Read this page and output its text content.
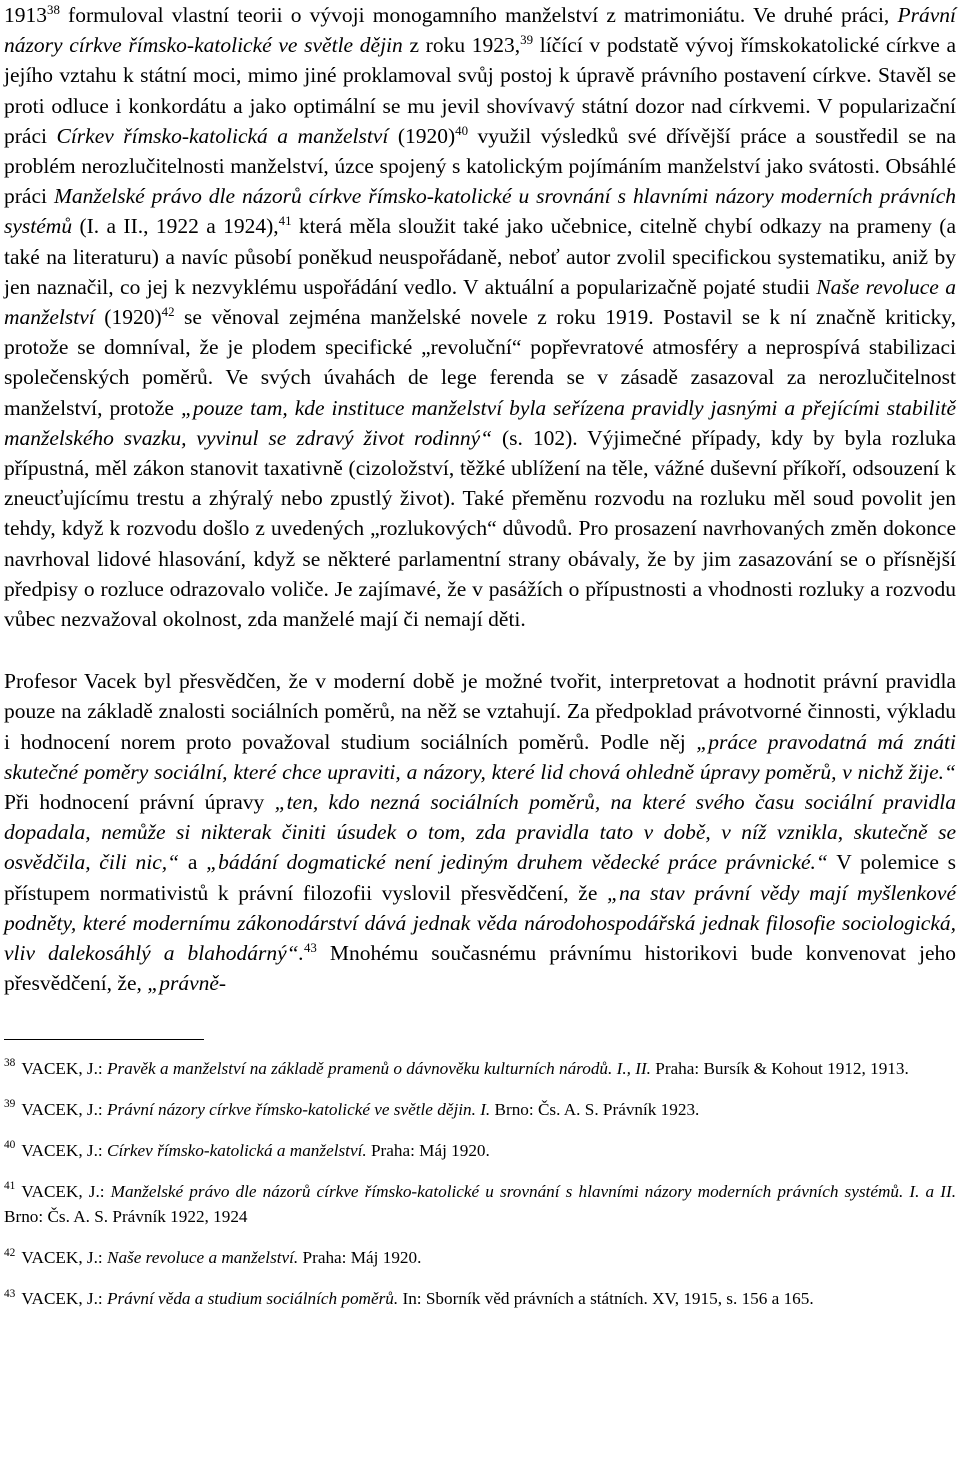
1913$^{38}$ formuloval vlastní teorii o vývoji monogamního manželství z matrimoniátu. Ve druhé práci, Právní názory církve římsko-katolické ve světle dějin z roku 1923,39 líčící v podstatě vývoj římskokatolické církve a jejího vztahu k státní moci, mimo jiné proklamoval svůj postoj k úpravě právního postavení církve. Stavěl se proti odluce i konkordátu a jako optimální se mu jevil shovívavý státní dozor nad církvemi. V popularizační práci Církev římsko-katolická a manželství $(1920)^{40}$ využil výsledků své dřívější práce a soustředil se na problém nerozlučitelnosti manželství, úzce spojený s katolickým pojímáním manželství jako svátosti. Obsáhlé práci Manželské právo dle názorů církve římsko-katolické u srovnání s hlavními názory moderních právních systémů (I. a II., 1922 a 1924),$^{41}$ která měla sloužit také jako učebnice, citelně chybí odkazy na prameny (a také na literaturu) a navíc působí poněkud neuspořádaně, neboť autor zvolil specifickou systematiku, aniž by jen naznačil, co jej k nezvyklému uspořádání vedlo. V aktuální a popularizačně pojaté studii Naše revoluce a manželství $(1920)^{42}$ se věnoval zejména manželské novele z roku 1919. Postavil se k ní značně kriticky, protože se domníval, že je plodem specifické „revoluční“ popřevratové atmosféry a neprospívá stabilizaci společenských poměrů. Ve svých úvahách de lege ferenda se v zásadě zasazoval za nerozlučitelnost manželství, protože „pouze tam, kde instituce manželství byla seřízena pravidly jasnými a přejícími stabilitě manželského svazku, vyvinul se zdravý život rodinný“ (s. 102). Výjimečné případy, kdy by byla rozluka přípustná, měl zákon stanovit taxativně (cizoložství, těžké ublížení na těle, vážné duševní příkoří, odsouzení k zneucťujícímu trestu a zhýralý nebo zpustlý život). Také přeměnu rozvodu na rozluku měl soud povolit jen tehdy, když k rozvodu došlo z uvedených „rozlukových“ důvodů. Pro prosazení navrhovaných změn dokonce navrhoval lidové hlasování, když se některé parlamentní strany obávaly, že by jim zasazování se o přísnější předpisy o rozluce odrazovalo voliče. Je zajímavé, že v pasážích o přípustnosti a vhodnosti rozluky a rozvodu vůbec nezvažoval okolnost, zda manželé mají či nemají děti.

Profesor Vacek byl přesvědčen, že v moderní době je možné tvořit, interpretovat a hodnotit právní pravidla pouze na základě znalosti sociálních poměrů, na něž se vztahují. Za předpoklad právotvorné činnosti, výkladu i hodnocení norem proto považoval studium sociálních poměrů. Podle něj „práce pravodatná má znáti skutečné poměry sociální, které chce upraviti, a názory, které lid chová ohledně úpravy poměrů, v nichž žije.“ Při hodnocení právní úpravy „ten, kdo nezná sociálních poměrů, na které svého času sociální pravidla dopadala, nemůže si nikterak činiti úsudek o tom, zda pravidla tato v době, v níž vznikla, skutečně se osvědčila, čili nic,“ a „bádání dogmatické není jediným druhem vědecké práce právnické.“ V polemice s přístupem normativistů k právní filozofii vyslovil přesvědčení, že „na stav právní vědy mají myšlenkové podněty, které modernímu zákonodárství dává jednak věda národohospodářská jednak filosofie sociologická, vliv dalekosáhlý a blahodárný“.$^{43}$ Mnohému současnému právnímu historikovi bude konvenovat jeho přesvědčení, že, „právně-

$^{38}$ VACEK, J.: Pravěk a manželství na základě pramenů o dávnověku kulturních národů. I., II. Praha: Bursík & Kohout 1912, 1913.

$^{39}$ VACEK, J.: Právní názory církve římsko-katolické ve světle dějin. I. Brno: Čs. A. S. Právník 1923.

$^{40}$ VACEK, J.: Církev římsko-katolická a manželství. Praha: Máj 1920.

$^{41}$ VACEK, J.: Manželské právo dle názorů církve římsko-katolické u srovnání s hlavními názory moderních právních systémů. I. a II. Brno: Čs. A. S. Právník 1922, 1924

$^{42}$ VACEK, J.: Naše revoluce a manželství. Praha: Máj 1920.

$^{43}$ VACEK, J.: Právní věda a studium sociálních poměrů. In: Sborník věd právních a státních. XV, 1915, s. 156 a 165.
